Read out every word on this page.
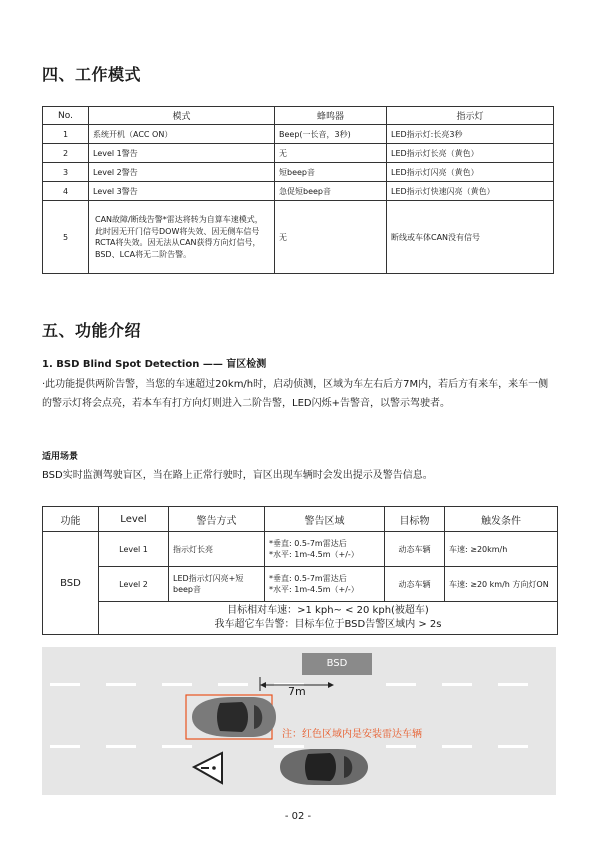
四、工作模式
No.	模式	蜂鸣器	指示灯
1	系统开机（ACC ON）	Beep(一长音，3秒)	LED指示灯:长亮3秒
2	Level 1警告	无	LED指示灯长亮（黄色）
3	Level 2警告	短beep音	LED指示灯闪亮（黄色）
4	Level 3警告	急促短beep音	LED指示灯快速闪亮（黄色）
5	CAN故障/断线告警*雷达将转为自算车速模式，此时因无开门信号DOW将失效、因无侧车信号RCTA将失效。因无法从CAN获得方向灯信号，BSD、LCA将无二阶告警。	无	断线或车体CAN没有信号
五、功能介绍
1. BSD Blind Spot Detection —— 盲区检测
·此功能提供两阶告警，当您的车速超过20km/h时，启动侦测，区域为车左右后方7M内，若后方有来车，来车一侧的警示灯将会点亮，若本车有打方向灯则进入二阶告警，LED闪烁+告警音，以警示驾驶者。
适用场景
BSD实时监测驾驶盲区，当在路上正常行驶时，盲区出现车辆时会发出提示及警告信息。
功能	Level	警告方式	警告区域	目标物	触发条件
BSD	Level 1	指示灯长亮	*垂直: 0.5-7m雷达后
*水平: 1m-4.5m（+/-）	动态车辆	车速: ≥20km/h
	Level 2	LED指示灯闪亮+短beep音	*垂直: 0.5-7m雷达后
*水平: 1m-4.5m（+/-）	动态车辆	车速: ≥20 km/h 方向灯ON

	目标相对车速：>1 kph~ < 20 kph(被超车)
我车超它车告警：目标车位于BSD告警区域内 > 2s				
BSD
7m
注：红色区域内是安装雷达车辆
- 02 -
